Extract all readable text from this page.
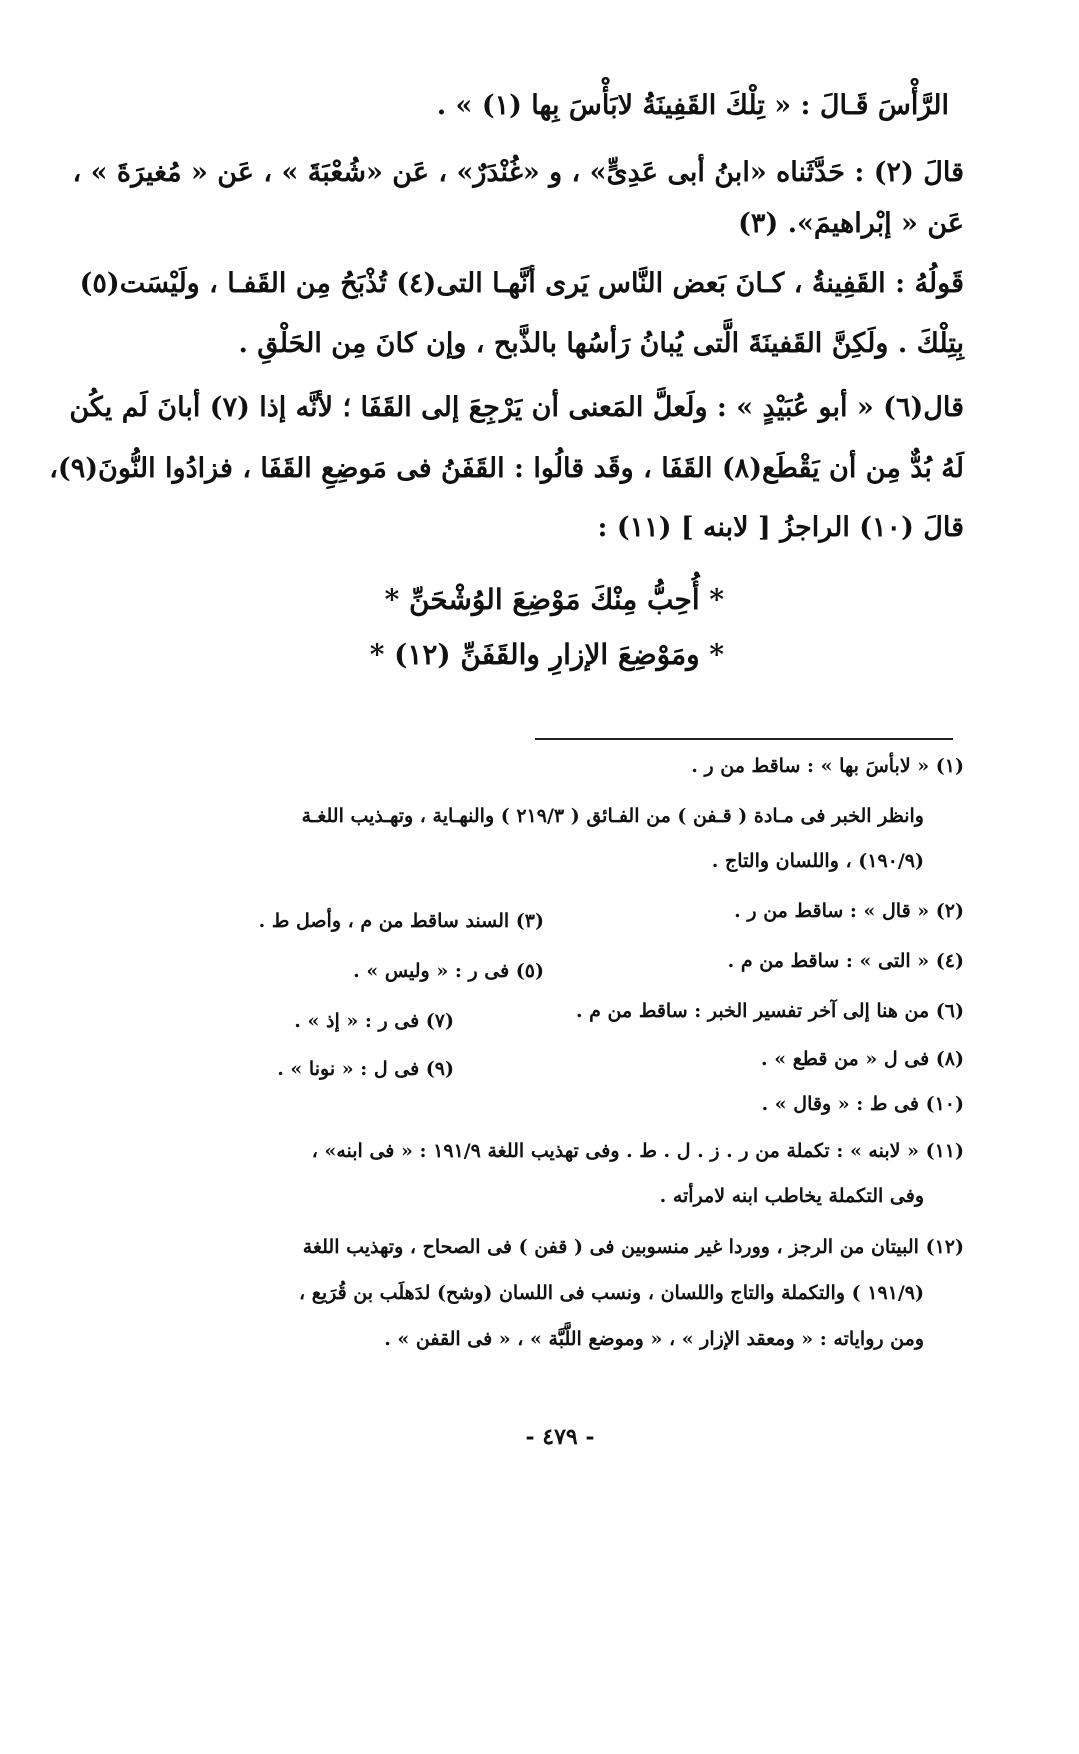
الرَّأْسَ قَـالَ : « تِلْكَ القَفِينَةُ لابَأْسَ بِها (١) » .
قالَ (٢) : حَدَّثَناه «ابنُ أبى عَدِىٍّ» ، و «غُنْدَرٌ» ، عَن «شُعْبَةَ » ، عَن « مُغيرَةَ » ،
عَن « إبْراهيمَ». (٣)
قَولُهُ : القَفِينةُ ، كـانَ بَعض النَّاس يَرى أنَّهـا التى(٤) تُذْبَحُ مِن القَفـا ، ولَيْسَت(٥)
بِتِلْكَ . ولَكِنَّ القَفينَةَ الَّتى يُبانُ رَأسُها بالذَّبح ، وإن كانَ مِن الحَلْقِ .
قال(٦) « أبو عُبَيْدٍ » : ولَعلَّ المَعنى أن يَرْجِعَ إلى القَفَا ؛ لأنَّه إذا (٧) أبانَ لَم يكُن
لَهُ بُدٌّ مِن أن يَقْطَع(٨) القَفَا ، وقَد قالُوا : القَفَنُ فى مَوضِعِ القَفَا ، فزادُوا النُّونَ(٩)،
قالَ (١٠) الراجزُ [ لابنه ] (١١) :
* أُحِبُّ مِنْكَ مَوْضِعَ الوُشْحَنِّ *
* ومَوْضِعَ الإزارِ والقَفَنِّ (١٢) *
(١) « لابأسَ بها » : ساقط من ر .
وانظر الخبر فى مـادة ( قـفن ) من الفـائق ( ٢١٩/٣ ) والنهـاية ، وتهـذيب اللغـة
(١٩٠/٩) ، واللسان والتاج .
(٢) « قال » : ساقط من ر .
(٣) السند ساقط من م ، وأصل ط .
(٤) « التى » : ساقط من م .
(٥) فى ر : « وليس » .
(٦) من هنا إلى آخر تفسير الخبر : ساقط من م .
(٧) فى ر : « إذ » .
(٨) فى ل « من قطع » .
(٩) فى ل : « نونا » .
(١٠) فى ط : « وقال » .
(١١) « لابنه » : تكملة من ر . ز . ل . ط . وفى تهذيب اللغة ١٩١/٩ : « فى ابنه» ،
وفى التكملة يخاطب ابنه لامرأته .
(١٢) البيتان من الرجز ، ووردا غير منسوبين فى ( قفن ) فى الصحاح ، وتهذيب اللغة
(١٩١/٩ ) والتكملة والتاج واللسان ، ونسب فى اللسان (وشح) لدَهلَب بن قُرَيع ،
ومن رواياته : « ومعقد الإزار » ، « وموضع اللَّبَّة » ، « فى القفن » .
- ٤٧٩ -
